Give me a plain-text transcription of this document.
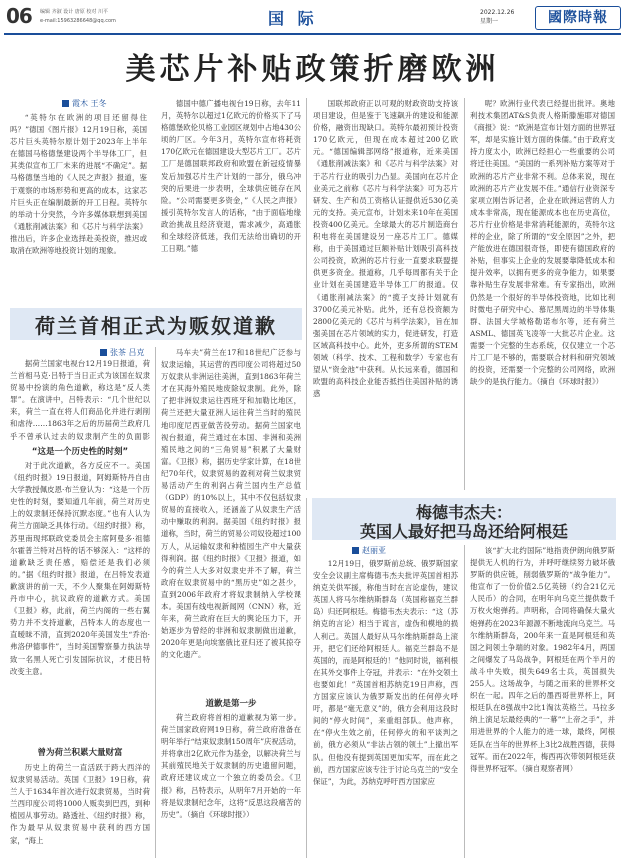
06 编辑 齐淑 设计 唐原 校对 川平
e-mail:15963286648@qq.com	国 际	2022.12.26
星期一	國際時報
美芯片补贴政策折磨欧洲
霞木 王冬

“英特尔在欧洲的项目还留得住吗？”德国《图片报》12月19日称，美国芯片巨头英特尔原计划于2023年上半年在德国马格德堡建设两个半导体工厂，但其类似宣布工厂未来的进展“不确定”。据马格德堡当地的《人民之声报》报道，鉴于观察的市场形势和更高的成本，这家芯片巨头正在编制最新的开工日程。英特尔的举动十分突然，今许多媒体联想到美国《通胀削减法案》和《芯片与科学法案》推出后，许多企业选择赴美投资，推迟或取消在欧洲等地投资计划的现象。

德国中德广播电视台19日称，去年11月，英特尔以超过1亿欧元的价格买下了马格德堡欧伦贝格工业园区规划中占地430公顷的厂区。今年3月，英特尔宣布将耗资170亿欧元在德国建设大型芯片工厂。芯片工厂是德国联邦政府和欧盟在新冠疫情暴发后加强芯片生产计划的一部分，俄乌冲突的后果进一步表明，全球供应链存在风险。“公司需要更多资金，”《人民之声报》援引英特尔发言人的话称，“由于面临地缘政治挑战且经济衰退，需求减少，高通胀和全球经济低迷，我们无法给出确切的开工日期。”德

国联邦政府正以可观的财政资助支持该项目建设，但是鉴于飞速飙升的建设和能源价格，融资出现缺口。英特尔最初预计投资170亿欧元，但现在成本超过200亿欧元。“德国编辑部网络”报道称，近来美国《通胀削减法案》和《芯片与科学法案》对于芯片行业的吸引力凸显。美国向在芯片企业美元之前称《芯片与科学法案》可为芯片研发、生产和员工资格认证提供近530亿美元的支持。美元宣布，计划未来10年在美国投资400亿美元。全球最大的芯片制造商台积电将在美国建设另一座芯片工厂。德媒称，由于美国通过巨额补贴计划吸引高科技公司投资，欧洲的芯片行业一直要求联盟提供更多资金。报道称，几乎每周都有关于企业计划在美国建造半导体工厂的报道。仅《通胀削减法案》的“揽子支持计划就有3700亿美元补贴。此外，还有总投资额为2800亿美元的《芯片与科学法案》，旨在加强美国在芯片领域的实力，促进研发，打造区域高科技中心。此外，吏多所谓的STEM领域（科学、技术、工程和数学）专家也有望从“资金池”中获利。从长远来看，德国和欧盟的高科技企业能否抵挡住美国补贴的诱惑

呢？欧洲行业代表已经提出批评。奥地利技术集团AT&S负责人格斯滕施耶对德国《商报》说：“欧洲是宣布计划方面的世界冠军，却是实施计划方面的侏儒。”由于政府支持力度太小，欧洲已经担心一些重要的公司将迁往美国。“美国的一系列补贴方案等对于欧洲的芯片产业非常不利。总体来说，现在欧洲的芯片产业发展不佳。”通信行业资深专家项立刚告诉记者，企业在欧洲运营的人力成本非常高，现在能源成本也在历史高位，芯片行业价格是非常消耗能源的，英特尔这样的企业，除了所谓的“安全原因”之外，把产能放进在德国很奇怪，即使有德国政府的补贴，但事实上企业的发展要靠降低成本和提升效率，以拥有更多的竞争能力，如果要靠补贴生存发展非常难。有专家指出，欧洲仍然是一个很好的半导体投资地，比如比利时微电子研究中心、慕尼黑周边的半导体集群、法国大学城格勒诺布尔等，还有荷兰ASML、德国英飞凌等一大批芯片企业。这需要一个完整的生态系统，仅仅建立一个芯片工厂是不够的，需要联合材料和研究领域的投资，还需要一个完整的公司网络，欧洲缺少的是执行能力。（摘自《环球时报》）

荷兰首相正式为贩奴道歉
张茶 吕克

据荷兰国家电视台12月19日报道，荷兰首相马克·吕特于当日正式为该国在奴隶贸易中扮演的角色道歉，称这是“反人类罪”。在演讲中，吕特表示：“几个世纪以来，荷兰一直在将人们商品化并进行剥削和虐待……1863年之后的历届荷兰政府几乎不曾承认过去的奴隶制产生的负面影

“这是一个历史性的时刻”

对于此次道歉，各方反应不一。美国《纽约时报》19日报道，阿姆斯特丹自由大学教授佩皮恩·布兰登认为：“这是一个历史性的时刻，要知道几年前，荷兰对历史上的奴隶制还保持沉默态度。”也有人认为荷兰方面缺乏具体行动。《纽约时报》称，苏里南现邦联政党委员会主席阿曼多·祖德尔霍普兰特对吕特的话不够深入：“这样的道歉缺乏责任感，赔偿还是我们必须的。”据《纽约时报》报道，在吕特发表道歉演讲的前一天，不少人聚集在阿姆斯特丹市中心，抗议政府的道歉方式。美国《卫报》称，此前，荷兰内阁的一些右翼势力并不支持道歉，吕特本人的态度也一直暧昧不清，直到2020年美国发生“乔治·弗洛伊德事件”，当时美国警察暴力执法导致一名黑人死亡引发国际抗议，才使吕特改变主意。

曾为荷兰积累大量财富

历史上的荷兰一直活跃于跨大西洋的奴隶贸易活动。英国《卫报》19日称，荷兰人于1634年首次进行奴隶贸易，当时荷兰西印度公司将1000人贩卖到巴西，到种植园从事劳动。路透社、《纽约时报》称，作为最早从奴隶贸易中获利的西方国家，“海上

马车夫”荷兰在17和18世纪广泛参与奴隶运输，其运营的西印度公司将超过50万奴隶从非洲运往美洲，直到1863年荷兰才在其海外殖民地废除奴隶制。此外，除了把非洲奴隶运往西班牙和加勒比地区，荷兰还把大量亚洲人运往荷兰当时的殖民地印度尼西亚做苦役劳动。据荷兰国家电视台报道，荷兰通过在本国、非洲和美洲殖民地之间的“三角贸易”积累了大量财富。《卫报》称，据历史学家计算，在18世纪70年代，奴隶贸易的盈利对荷兰奴隶贸易活动产生的利润占荷兰国内生产总值（GDP）的10%以上，其中不仅包括奴隶贸易的直接收入，还涵盖了从奴隶生产活动中赚取的利润。据美国《纽约时报》报道称，当时，荷兰的贸易公司奴役超过100万人，从运输奴隶和种植园生产中大量获得利润。据《纽约时报》《卫报》报道，如今的荷兰人大多对奴隶史并不了解，荷兰政府在奴隶贸易中的“黑历史”如之甚少，直到2006年政府才将奴隶制纳入学校课本。美国有线电视新闻网（CNN）称，近年来，荷兰政府在巨大的舆论压力下，开始逐步为曾经的非洲和奴隶制做出道歉，2020年更是向埃塞俄比亚归还了被其掠夺的文化遗产。

道歉是第一步

荷兰政府将首相的道歉视为第一步。荷兰国家政府网19日称，荷兰政府准备在明年举行“结束奴隶制150周年”庆祝活动，并将拿出2亿欧元作为基金，以解决荷兰与其前殖民地关于奴隶制的历史遗留问题，政府还建议成立一个独立的委员会。《卫报》称，吕特表示，从明年7月开始的一年将是奴隶制纪念年，这将“反思这段痛苦的历史”。（摘自《环球时报》）

梅德韦杰夫：
英国人最好把马岛还给阿根廷
赵丽亚

12月19日，俄罗斯前总统、俄罗斯国家安全会议副主席梅德韦杰夫批评英国首相苏纳克关供军援，称他当时在言论虚伪，建议英国人将马尔维纳斯群岛（英国称福克兰群岛）归还阿根廷。梅德韦杰夫表示：“这（苏纳克的言论）相当于谎言，虚伪和模地的损人利己。英国人最好从马尔维纳斯群岛上滚开，把它们还给阿根廷人。福克兰群岛不是英国的，而是阿根廷的！”他同时说，福利根在其外交事件上夺冠，并表示：“在外交领土也要如此！”英国首相苏纳克19日声称，西方国家应该认为俄罗斯发出的任何停火呼吁，都是“毫无意义”的，俄方会利用这段时间的“停火时间”，来重组部队。他声称，在“停火生效之前，任何停火的和平谈判之前，俄方必须从“非法占领的领土”上撤出军队。但他没有提到英国更加实军，而在此之前，西方国家应该专注于讨论乌克兰的“安全保证”，为此，苏纳克呼吁西方国家应

该“扩大北约国际”地指责伊朗向俄罗斯提供无人机的行为，并呼吁继续努力破坏俄罗斯的供应链，削弱俄罗斯的“战争能力”。他宣布了一份价值2.5亿英镑（约合21亿元人民币）的合同，在明年向乌克兰提供数千万枚火炮弹药。声明称，合同将确保大量火炮弹药在2023年源源不断地流向乌克兰。马尔维纳斯群岛，200年来一直是阿根廷和英国之间领土争端的对象。1982年4月，两国之间爆发了马岛战争，阿根廷在两个半月的战斗中失败，损失649名士兵，英国损失255人。这场战争，与随之而来的世界杯交织在一起。四年之后的墨西哥世界杯上，阿根廷队在8强战中2比1淘汰英格兰。马拉多纳上演足坛最经典的“一幕”“上帝之手”，并用进世界的个人能力的进一球，最终，阿根廷队在当年的世界杯上3比2战胜西德，获得冠军。而在2022年，梅西再次带领阿根廷获得世界杯冠军。（摘自观察者网）
